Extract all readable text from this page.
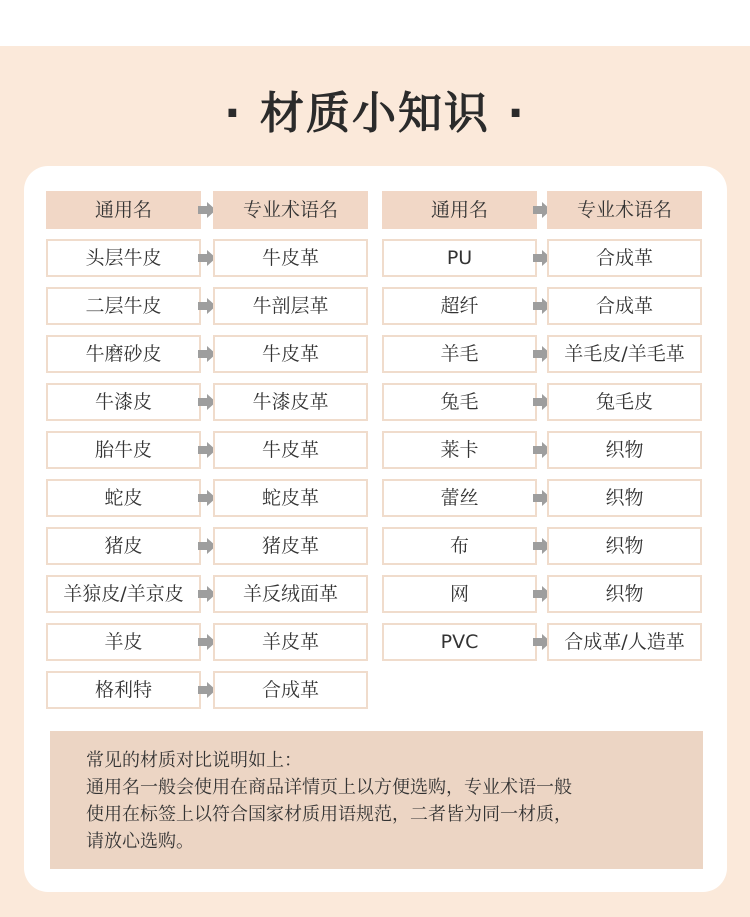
· 材质小知识 ·
通用名	专业术语名
头层牛皮	牛皮革
二层牛皮	牛剖层革
牛磨砂皮	牛皮革
牛漆皮	牛漆皮革
胎牛皮	牛皮革
蛇皮	蛇皮革
猪皮	猪皮革
羊猄皮/羊京皮	羊反绒面革
羊皮	羊皮革
格利特	合成革
通用名	专业术语名
PU	合成革
超纤	合成革
羊毛	羊毛皮/羊毛革
兔毛	兔毛皮
莱卡	织物
蕾丝	织物
布	织物
网	织物
PVC	合成革/人造革
常见的材质对比说明如上：
通用名一般会使用在商品详情页上以方便选购，专业术语一般
使用在标签上以符合国家材质用语规范，二者皆为同一材质，
请放心选购。
